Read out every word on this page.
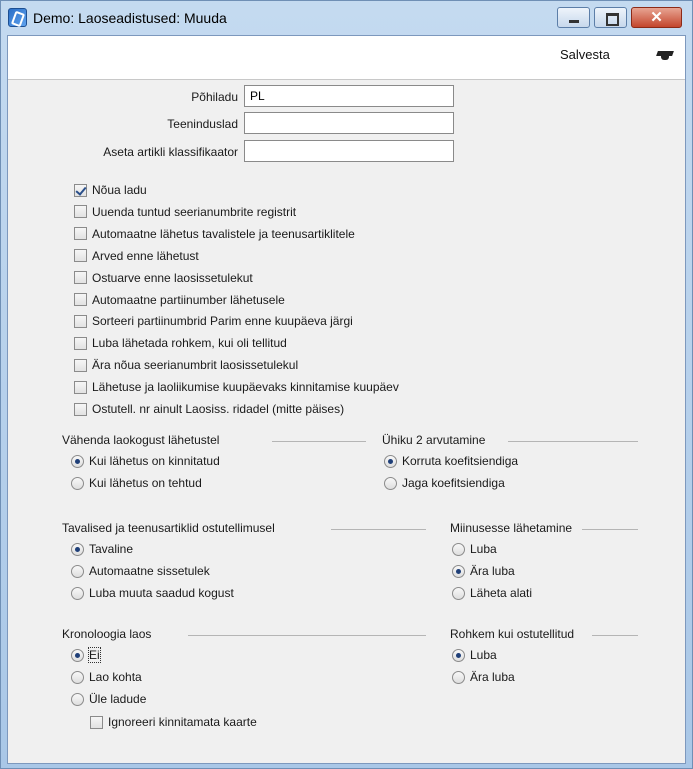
Demo: Laoseadistused: Muuda	✕
Salvesta
Põhiladu
PL
Teeninduslad
Aseta artikli klassifikaator
Nõua ladu
Uuenda tuntud seerianumbrite registrit
Automaatne lähetus tavalistele ja teenusartiklitele
Arved enne lähetust
Ostuarve enne laosissetulekut
Automaatne partiinumber lähetusele
Sorteeri partiinumbrid Parim enne kuupäeva järgi
Luba lähetada rohkem, kui oli tellitud
Ära nõua seerianumbrit laosissetulekul
Lähetuse ja laoliikumise kuupäevaks kinnitamise kuupäev
Ostutell. nr ainult Laosiss. ridadel (mitte päises)
Vähenda laokogust lähetustel
Kui lähetus on kinnitatud
Kui lähetus on tehtud
Ühiku 2 arvutamine
Korruta koefitsiendiga
Jaga koefitsiendiga
Tavalised ja teenusartiklid ostutellimusel
Tavaline
Automaatne sissetulek
Luba muuta saadud kogust
Miinusesse lähetamine
Luba
Ära luba
Läheta alati
Kronoloogia laos
Ei
Lao kohta
Üle ladude
Ignoreeri kinnitamata kaarte
Rohkem kui ostutellitud
Luba
Ära luba
